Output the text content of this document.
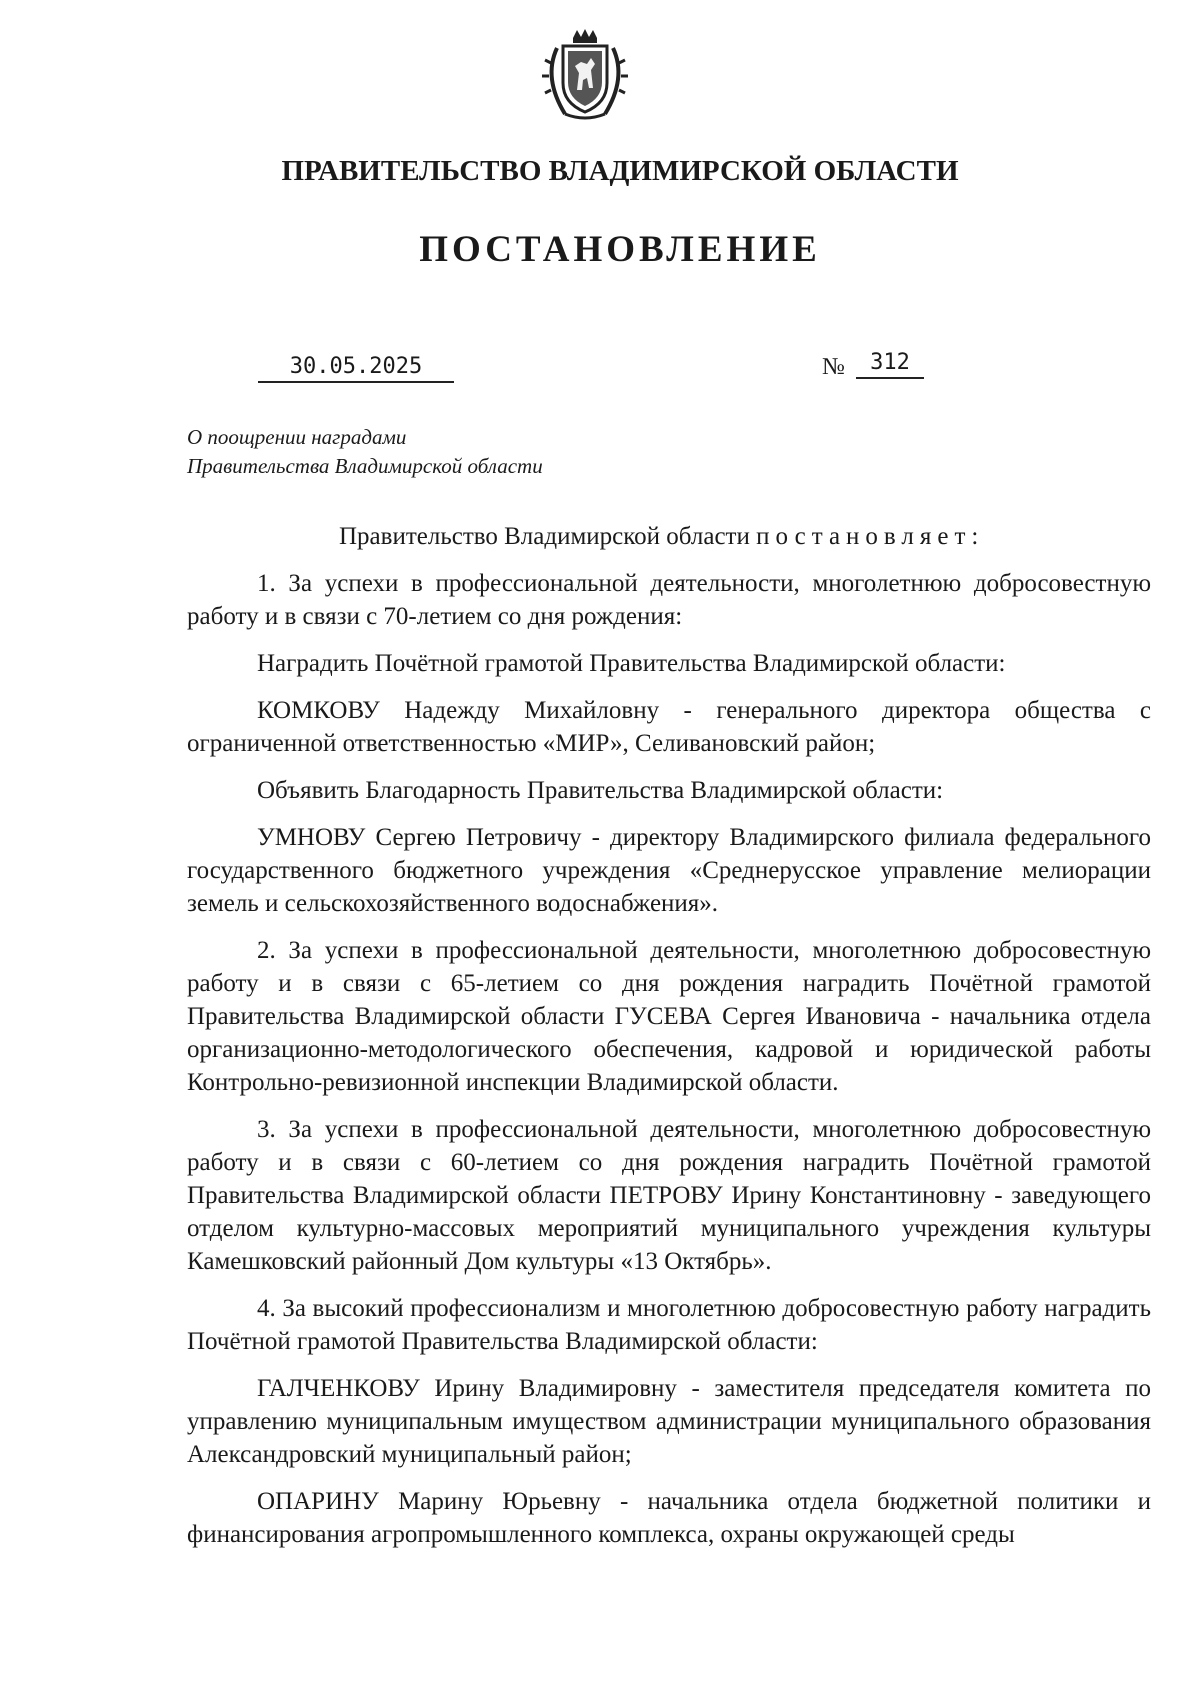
ПРАВИТЕЛЬСТВО ВЛАДИМИРСКОЙ ОБЛАСТИ
ПОСТАНОВЛЕНИЕ
30.05.2025	№	312
О поощрении наградами
Правительства Владимирской области

Правительство Владимирской области постановляет:

1. За успехи в профессиональной деятельности, многолетнюю добросовестную работу и в связи с 70-летием со дня рождения:

Наградить Почётной грамотой Правительства Владимирской области:

КОМКОВУ Надежду Михайловну - генерального директора общества с ограниченной ответственностью «МИР», Селивановский район;

Объявить Благодарность Правительства Владимирской области:

УМНОВУ Сергею Петровичу - директору Владимирского филиала федерального государственного бюджетного учреждения «Среднерусское управление мелиорации земель и сельскохозяйственного водоснабжения».

2. За успехи в профессиональной деятельности, многолетнюю добросовестную работу и в связи с 65-летием со дня рождения наградить Почётной грамотой Правительства Владимирской области ГУСЕВА Сергея Ивановича - начальника отдела организационно-методологического обеспечения, кадровой и юридической работы Контрольно-ревизионной инспекции Владимирской области.

3. За успехи в профессиональной деятельности, многолетнюю добросовестную работу и в связи с 60-летием со дня рождения наградить Почётной грамотой Правительства Владимирской области ПЕТРОВУ Ирину Константиновну - заведующего отделом культурно-массовых мероприятий муниципального учреждения культуры Камешковский районный Дом культуры «13 Октябрь».

4. За высокий профессионализм и многолетнюю добросовестную работу наградить Почётной грамотой Правительства Владимирской области:

ГАЛЧЕНКОВУ Ирину Владимировну - заместителя председателя комитета по управлению муниципальным имуществом администрации муниципального образования Александровский муниципальный район;

ОПАРИНУ Марину Юрьевну - начальника отдела бюджетной политики и финансирования агропромышленного комплекса, охраны окружающей среды
